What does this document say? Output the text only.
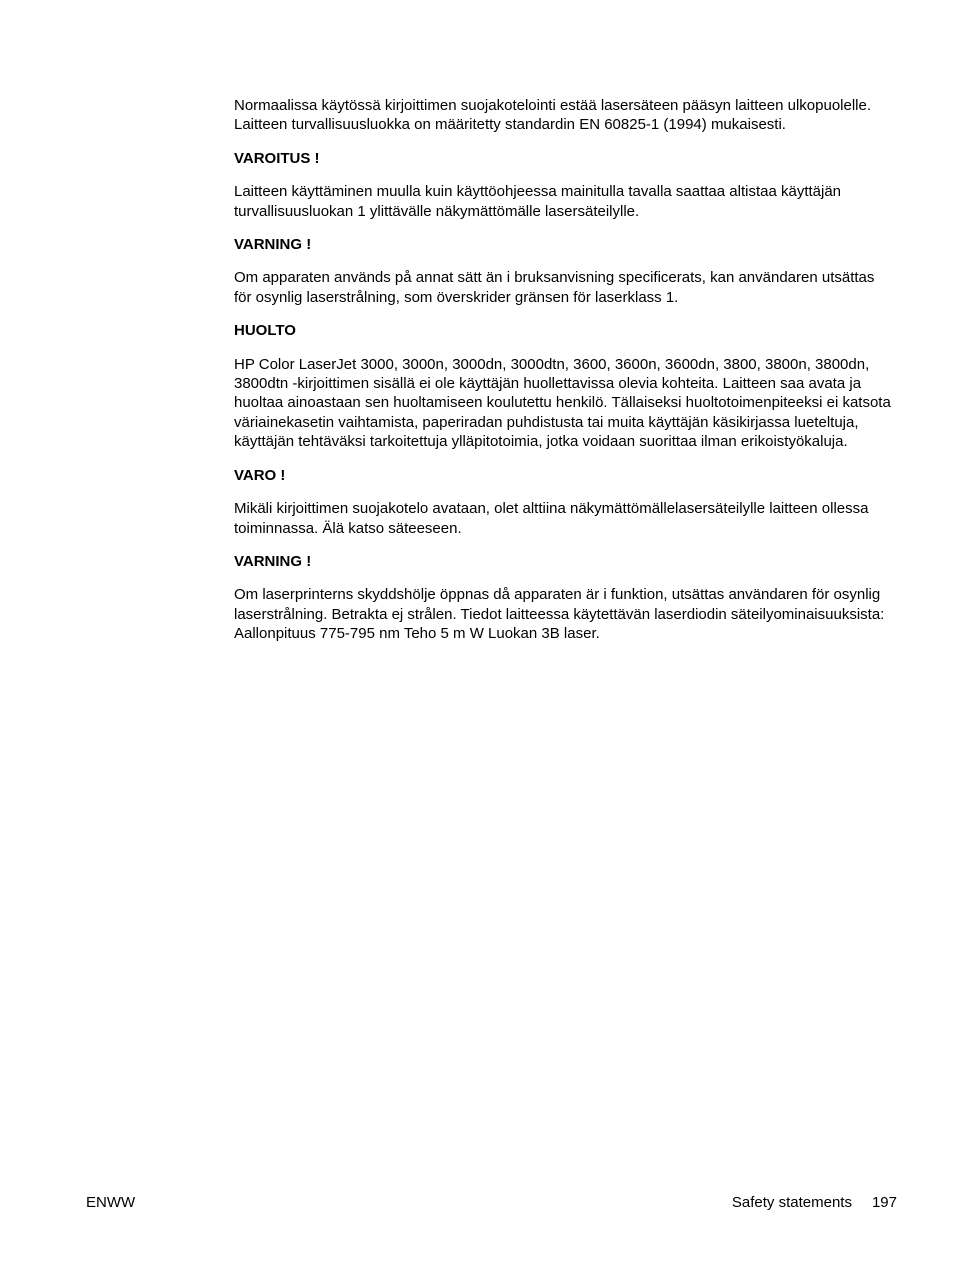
Normaalissa käytössä kirjoittimen suojakotelointi estää lasersäteen pääsyn laitteen ulkopuolelle. Laitteen turvallisuusluokka on määritetty standardin EN 60825-1 (1994) mukaisesti.

VAROITUS !

Laitteen käyttäminen muulla kuin käyttöohjeessa mainitulla tavalla saattaa altistaa käyttäjän turvallisuusluokan 1 ylittävälle näkymättömälle lasersäteilylle.

VARNING !

Om apparaten används på annat sätt än i bruksanvisning specificerats, kan användaren utsättas för osynlig laserstrålning, som överskrider gränsen för laserklass 1.

HUOLTO

HP Color LaserJet 3000, 3000n, 3000dn, 3000dtn, 3600, 3600n, 3600dn, 3800, 3800n, 3800dn, 3800dtn -kirjoittimen sisällä ei ole käyttäjän huollettavissa olevia kohteita. Laitteen saa avata ja huoltaa ainoastaan sen huoltamiseen koulutettu henkilö. Tällaiseksi huoltotoimenpiteeksi ei katsota väriainekasetin vaihtamista, paperiradan puhdistusta tai muita käyttäjän käsikirjassa lueteltuja, käyttäjän tehtäväksi tarkoitettuja ylläpitotoimia, jotka voidaan suorittaa ilman erikoistyökaluja.

VARO !

Mikäli kirjoittimen suojakotelo avataan, olet alttiina näkymättömällelasersäteilylle laitteen ollessa toiminnassa. Älä katso säteeseen.

VARNING !

Om laserprinterns skyddshölje öppnas då apparaten är i funktion, utsättas användaren för osynlig laserstrålning. Betrakta ej strålen. Tiedot laitteessa käytettävän laserdiodin säteilyominaisuuksista: Aallonpituus 775-795 nm Teho 5 m W Luokan 3B laser.

ENWW	Safety statements 197
